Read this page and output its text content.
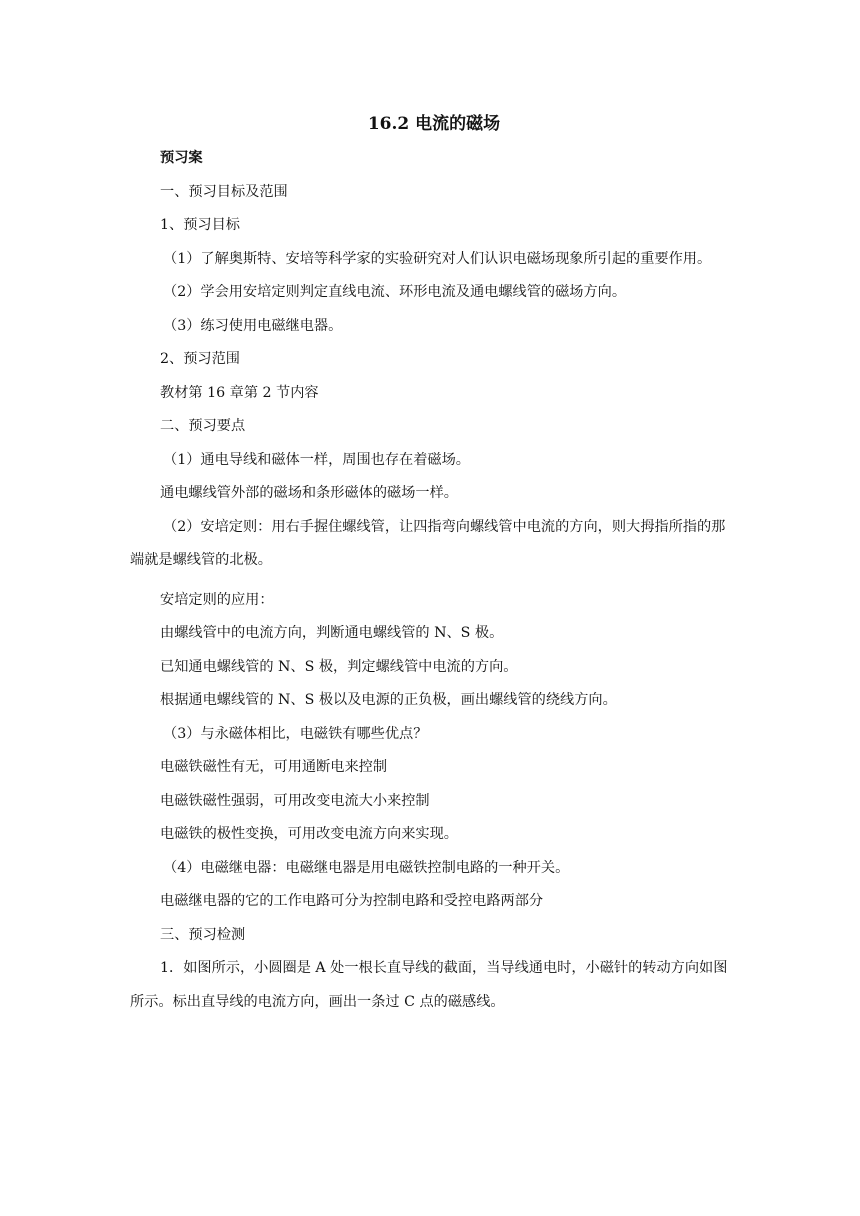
16.2 电流的磁场
预习案
一、预习目标及范围
1、预习目标
（1）了解奥斯特、安培等科学家的实验研究对人们认识电磁场现象所引起的重要作用。
（2）学会用安培定则判定直线电流、环形电流及通电螺线管的磁场方向。
（3）练习使用电磁继电器。
2、预习范围
教材第 16 章第 2 节内容
二、预习要点
（1）通电导线和磁体一样，周围也存在着磁场。
通电螺线管外部的磁场和条形磁体的磁场一样。
（2）安培定则：用右手握住螺线管，让四指弯向螺线管中电流的方向，则大拇指所指的那端就是螺线管的北极。
安培定则的应用：
由螺线管中的电流方向，判断通电螺线管的 N、S 极。
已知通电螺线管的 N、S 极，判定螺线管中电流的方向。
根据通电螺线管的 N、S 极以及电源的正负极，画出螺线管的绕线方向。
（3）与永磁体相比，电磁铁有哪些优点？
电磁铁磁性有无，可用通断电来控制
电磁铁磁性强弱，可用改变电流大小来控制
电磁铁的极性变换，可用改变电流方向来实现。
（4）电磁继电器：电磁继电器是用电磁铁控制电路的一种开关。
电磁继电器的它的工作电路可分为控制电路和受控电路两部分
三、预习检测
1．如图所示，小圆圈是 A 处一根长直导线的截面，当导线通电时，小磁针的转动方向如图所示。标出直导线的电流方向，画出一条过 C 点的磁感线。
